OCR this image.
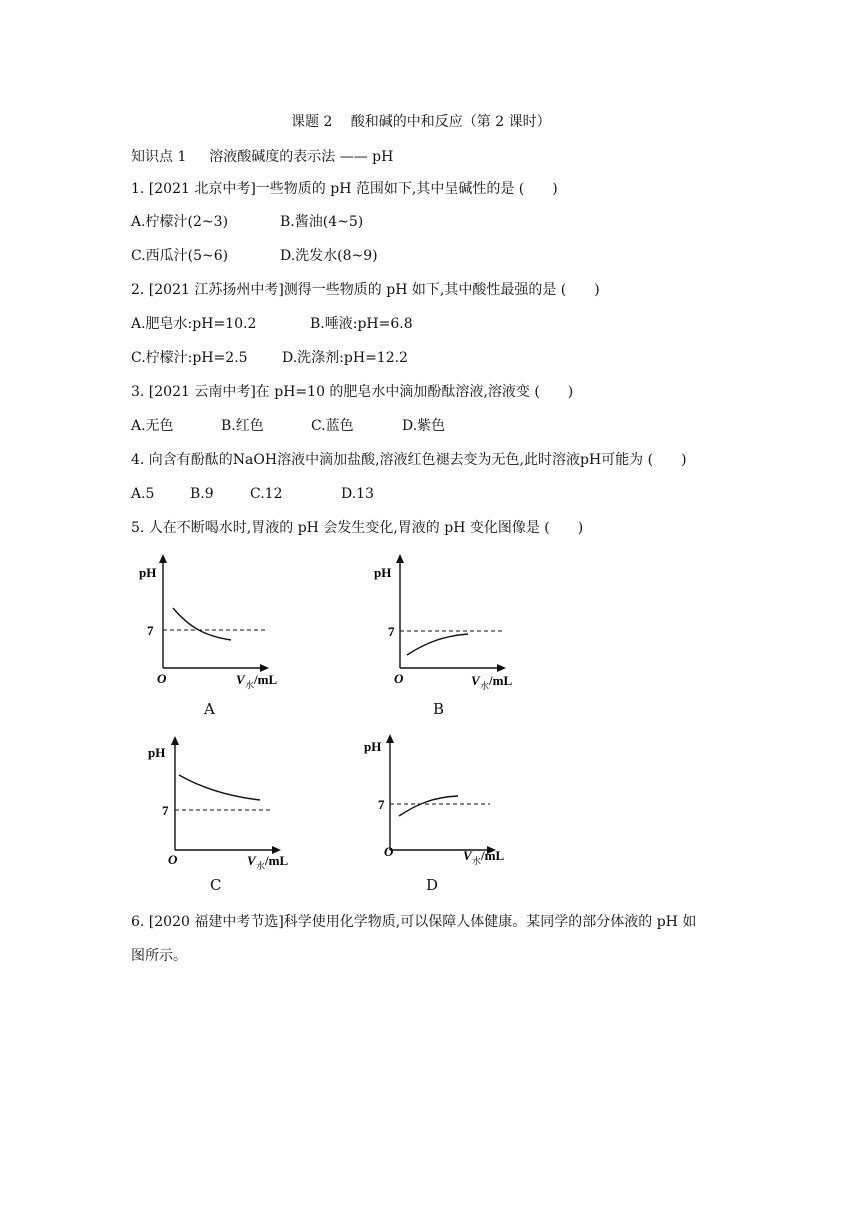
课题 2　 酸和碱的中和反应（第 2 课时）
知识点 1 　 溶液酸碱度的表示法 —— pH
1. [2021 北京中考]一些物质的 pH 范围如下,其中呈碱性的是 (　　)
A.柠檬汁(2~3)	B.酱油(4~5)
C.西瓜汁(5~6)	D.洗发水(8~9)
2. [2021 江苏扬州中考]测得一些物质的 pH 如下,其中酸性最强的是 (　　)
A.肥皂水:pH=10.2	B.唾液:pH=6.8
C.柠檬汁:pH=2.5 D.洗涤剂:pH=12.2
3. [2021 云南中考]在 pH=10 的肥皂水中滴加酚酞溶液,溶液变 (　　)
A.无色	B.红色	C.蓝色	D.紫色
4. 向含有酚酞的NaOH溶液中滴加盐酸,溶液红色褪去变为无色,此时溶液pH可能为 (　　)
A.5	B.9	C.12	D.13
5. 人在不断喝水时,胃液的 pH 会发生变化,胃液的 pH 变化图像是 (　　)
pH
7
O	V 水 /mL
A
pH
7
O	V 水 /mL
B
pH
7
O	V 水 /mL
C
pH
7
O	V 水 /mL
D
6. [2020 福建中考节选]科学使用化学物质,可以保障人体健康。某同学的部分体液的 pH 如
图所示。
